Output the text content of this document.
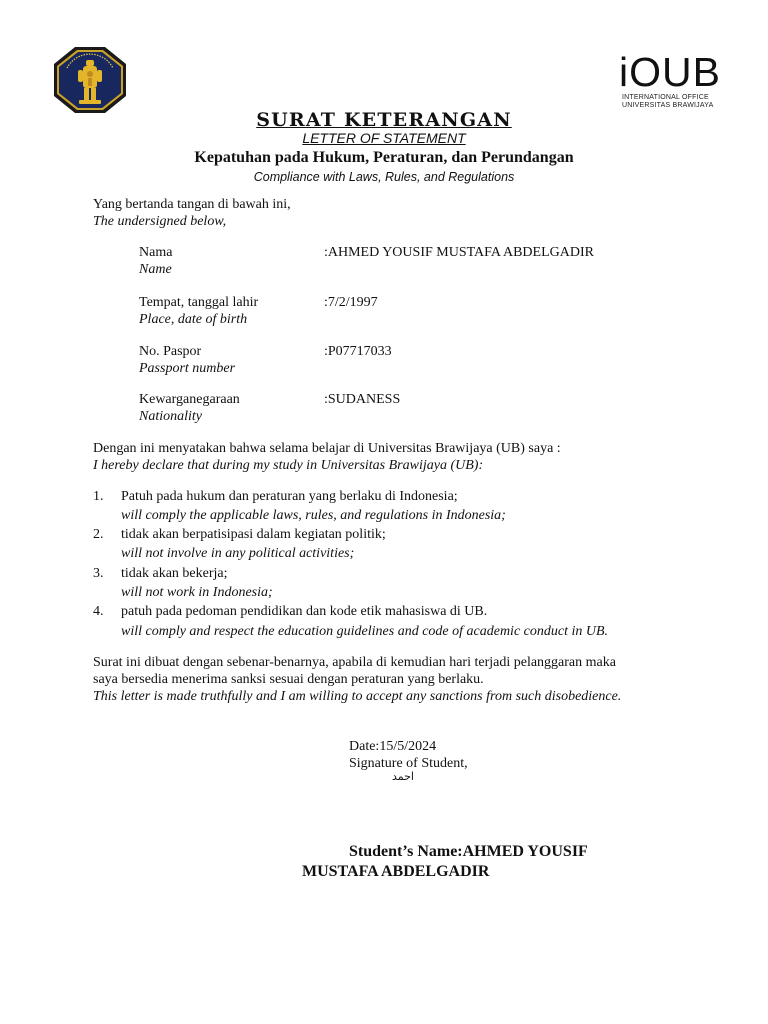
iOUB
INTERNATIONAL OFFICE
UNIVERSITAS BRAWIJAYA
SURAT KETERANGAN
LETTER OF STATEMENT
Kepatuhan pada Hukum, Peraturan, dan Perundangan
Compliance with Laws, Rules, and Regulations
Yang bertanda tangan di bawah ini,
The undersigned below,
Nama
Name
:AHMED YOUSIF MUSTAFA ABDELGADIR
Tempat, tanggal lahir
Place, date of birth
:7/2/1997
No. Paspor
Passport number
:P07717033
Kewarganegaraan
Nationality
:SUDANESS
Dengan ini menyatakan bahwa selama belajar di Universitas Brawijaya (UB) saya :
I hereby declare that during my study in Universitas Brawijaya (UB):
1. Patuh pada hukum dan peraturan yang berlaku di Indonesia;
will comply the applicable laws, rules, and regulations in Indonesia;
2. tidak akan berpatisipasi dalam kegiatan politik;
will not involve in any political activities;
3. tidak akan bekerja;
will not work in Indonesia;
4. patuh pada pedoman pendidikan dan kode etik mahasiswa di UB.
will comply and respect the education guidelines and code of academic conduct in UB.
Surat ini dibuat dengan sebenar-benarnya, apabila di kemudian hari terjadi pelanggaran maka
saya bersedia menerima sanksi sesuai dengan peraturan yang berlaku.
This letter is made truthfully and I am willing to accept any sanctions from such disobedience.
Date:15/5/2024
Signature of Student,
احمد
Student’s Name:AHMED YOUSIF
MUSTAFA ABDELGADIR
